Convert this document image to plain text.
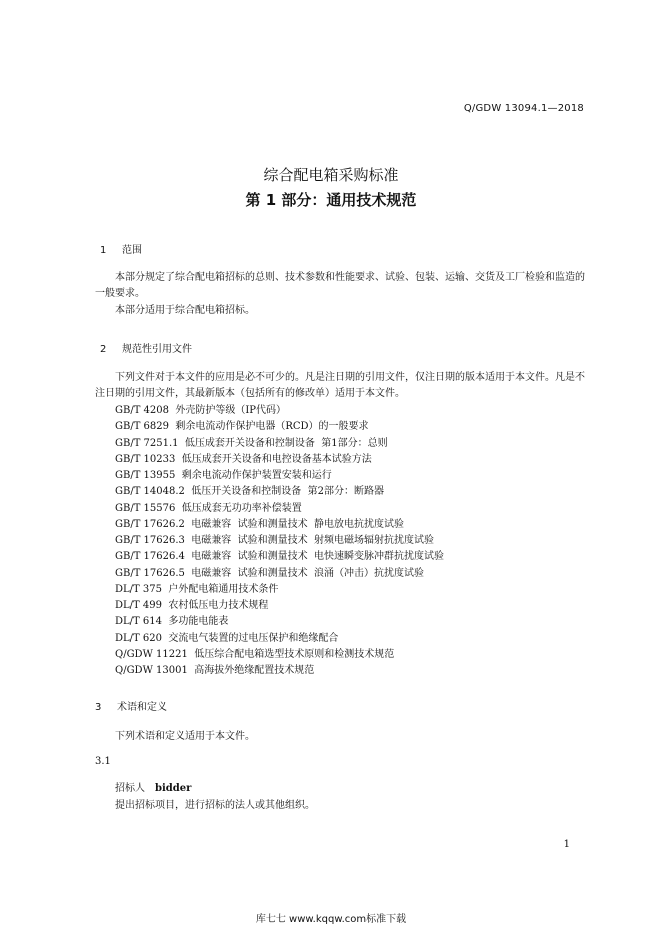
Q/GDW 13094.1—2018
综合配电箱采购标准
第 1 部分：通用技术规范
1 范围

本部分规定了综合配电箱招标的总则、技术参数和性能要求、试验、包装、运输、交货及工厂检验和监造的一般要求。

本部分适用于综合配电箱招标。

2 规范性引用文件

下列文件对于本文件的应用是必不可少的。凡是注日期的引用文件，仅注日期的版本适用于本文件。凡是不注日期的引用文件，其最新版本（包括所有的修改单）适用于本文件。

GB/T 4208  外壳防护等级（IP代码）
GB/T 6829  剩余电流动作保护电器（RCD）的一般要求
GB/T 7251.1  低压成套开关设备和控制设备  第1部分：总则
GB/T 10233  低压成套开关设备和电控设备基本试验方法
GB/T 13955  剩余电流动作保护装置安装和运行
GB/T 14048.2  低压开关设备和控制设备  第2部分：断路器
GB/T 15576  低压成套无功功率补偿装置
GB/T 17626.2  电磁兼容  试验和测量技术  静电放电抗扰度试验
GB/T 17626.3  电磁兼容  试验和测量技术  射频电磁场辐射抗扰度试验
GB/T 17626.4  电磁兼容  试验和测量技术  电快速瞬变脉冲群抗扰度试验
GB/T 17626.5  电磁兼容  试验和测量技术  浪涌（冲击）抗扰度试验
DL/T 375  户外配电箱通用技术条件
DL/T 499  农村低压电力技术规程
DL/T 614  多功能电能表
DL/T 620  交流电气装置的过电压保护和绝缘配合
Q/GDW 11221  低压综合配电箱选型技术原则和检测技术规范
Q/GDW 13001  高海拔外绝缘配置技术规范
3 术语和定义

下列术语和定义适用于本文件。

3.1
招标人 bidder
提出招标项目，进行招标的法人或其他组织。
1
库七七 www.kqqw.com标准下载
